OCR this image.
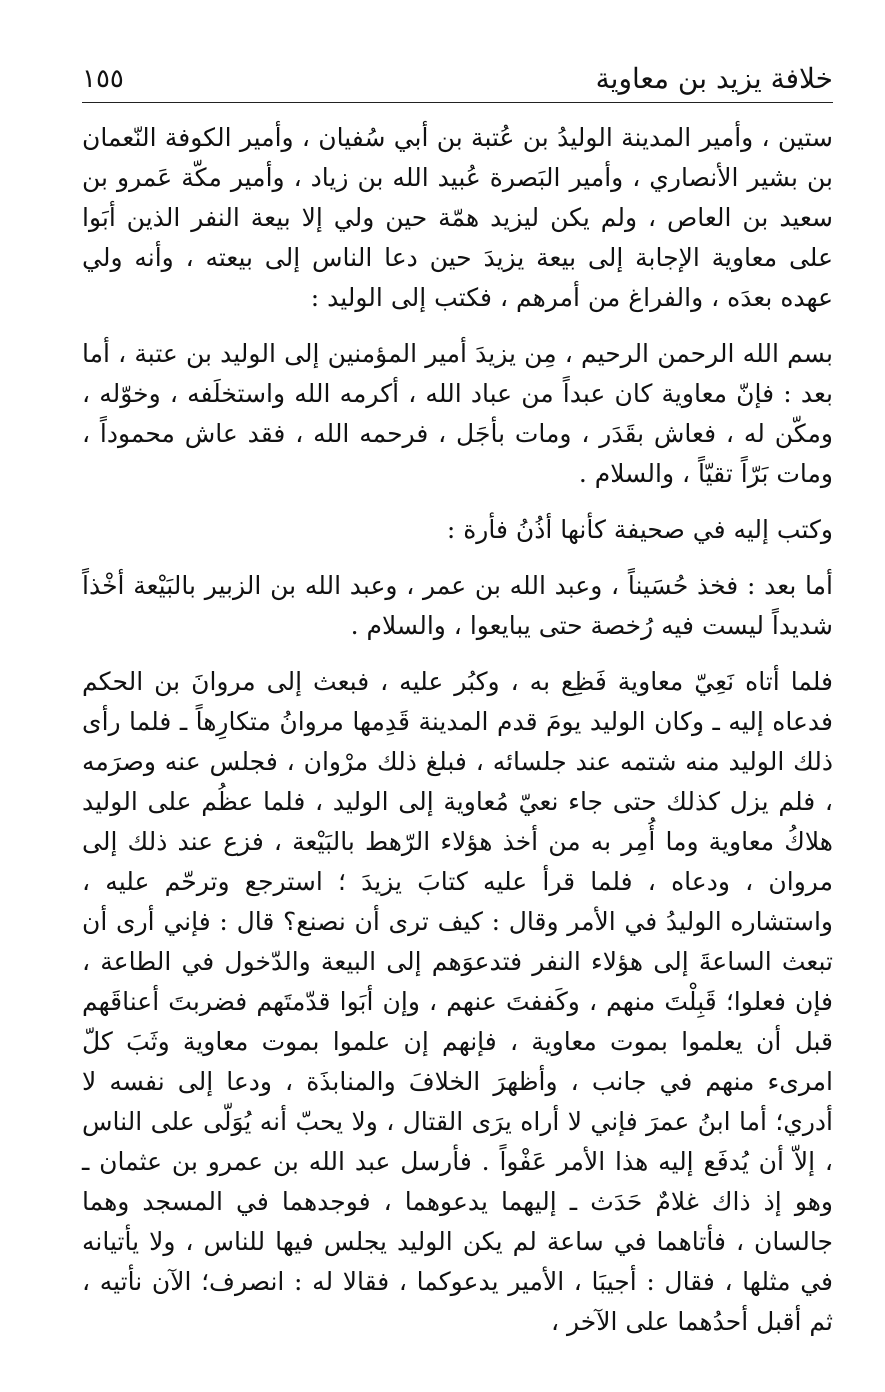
خلافة يزيد بن معاوية
١٥٥

ستين ، وأمير المدينة الوليدُ بن عُتبة بن أبي سُفيان ، وأمير الكوفة النّعمان بن بشير الأنصاري ، وأمير البَصرة عُبيد الله بن زياد ، وأمير مكّة عَمرو بن سعيد بن العاص ، ولم يكن ليزيد همّة حين ولي إلا بيعة النفر الذين أبَوا على معاوية الإجابة إلى بيعة يزيدَ حين دعا الناس إلى بيعته ، وأنه ولي عهده بعدَه ، والفراغ من أمرهم ، فكتب إلى الوليد :

بسم الله الرحمن الرحيم ، مِن يزيدَ أمير المؤمنين إلى الوليد بن عتبة ، أما بعد : فإنّ معاوية كان عبداً من عباد الله ، أكرمه الله واستخلَفه ، وخوّله ، ومكّن له ، فعاش بقَدَر ، ومات بأجَل ، فرحمه الله ، فقد عاش محموداً ، ومات بَرّاً تقيّاً ، والسلام .

وكتب إليه في صحيفة كأنها أذُنُ فأرة :

أما بعد : فخذ حُسَيناً ، وعبد الله بن عمر ، وعبد الله بن الزبير بالبَيْعة أخْذاً شديداً ليست فيه رُخصة حتى يبايعوا ، والسلام .

فلما أتاه نَعِيّ معاوية فَظِع به ، وكبُر عليه ، فبعث إلى مروانَ بن الحكم فدعاه إليه ـ وكان الوليد يومَ قدم المدينة قَدِمها مروانُ متكارِهاً ـ فلما رأى ذلك الوليد منه شتمه عند جلسائه ، فبلغ ذلك مرْوان ، فجلس عنه وصرَمه ، فلم يزل كذلك حتى جاء نعيّ مُعاوية إلى الوليد ، فلما عظُم على الوليد هلاكُ معاوية وما أُمِر به من أخذ هؤلاء الرّهط بالبَيْعة ، فزع عند ذلك إلى مروان ، ودعاه ، فلما قرأ عليه كتابَ يزيدَ ؛ استرجع وترحّم عليه ، واستشاره الوليدُ في الأمر وقال : كيف ترى أن نصنع؟ قال : فإني أرى أن تبعث الساعةَ إلى هؤلاء النفر فتدعوَهم إلى البيعة والدّخول في الطاعة ، فإن فعلوا؛ قَبِلْتَ منهم ، وكَففتَ عنهم ، وإن أبَوا قدّمتَهم فضربتَ أعناقَهم قبل أن يعلموا بموت معاوية ، فإنهم إن علموا بموت معاوية وثَبَ كلّ امرىء منهم في جانب ، وأظهرَ الخلافَ والمنابذَة ، ودعا إلى نفسه لا أدري؛ أما ابنُ عمرَ فإني لا أراه يرَى القتال ، ولا يحبّ أنه يُوَلّى على الناس ، إلاّ أن يُدفَع إليه هذا الأمر عَفْواً . فأرسل عبد الله بن عمرو بن عثمان ـ وهو إذ ذاك غلامٌ حَدَث ـ إليهما يدعوهما ، فوجدهما في المسجد وهما جالسان ، فأتاهما في ساعة لم يكن الوليد يجلس فيها للناس ، ولا يأتيانه في مثلها ، فقال : أجيبَا ، الأمير يدعوكما ، فقالا له : انصرف؛ الآن نأتيه ، ثم أقبل أحدُهما على الآخر ،
